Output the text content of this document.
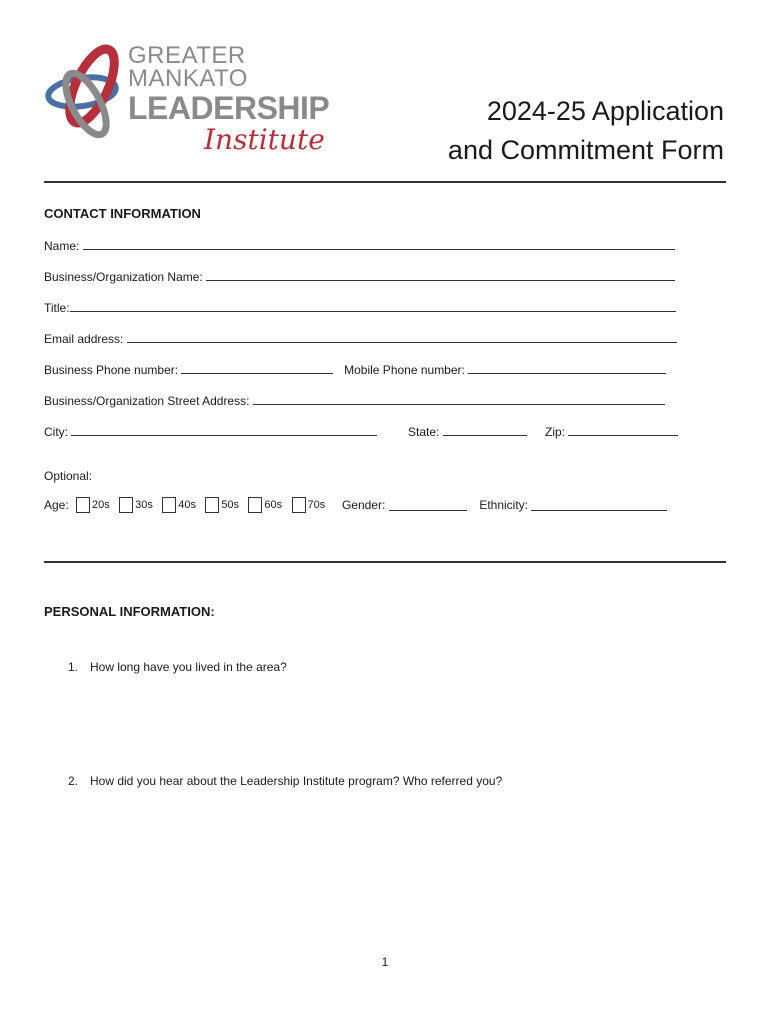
GREATER
MANKATO
LEADERSHIP
Institute
2024-25 Application
and Commitment Form
CONTACT INFORMATION
Name:
Business/Organization Name:
Title:
Email address:
Business Phone number:	Mobile Phone number:
Business/Organization Street Address:
City:	State:	Zip:
Optional:
Age: 20s 30s 40s 50s 60s 70s Gender:	Ethnicity:
PERSONAL INFORMATION:
1. How long have you lived in the area?
2. How did you hear about the Leadership Institute program? Who referred you?
1
